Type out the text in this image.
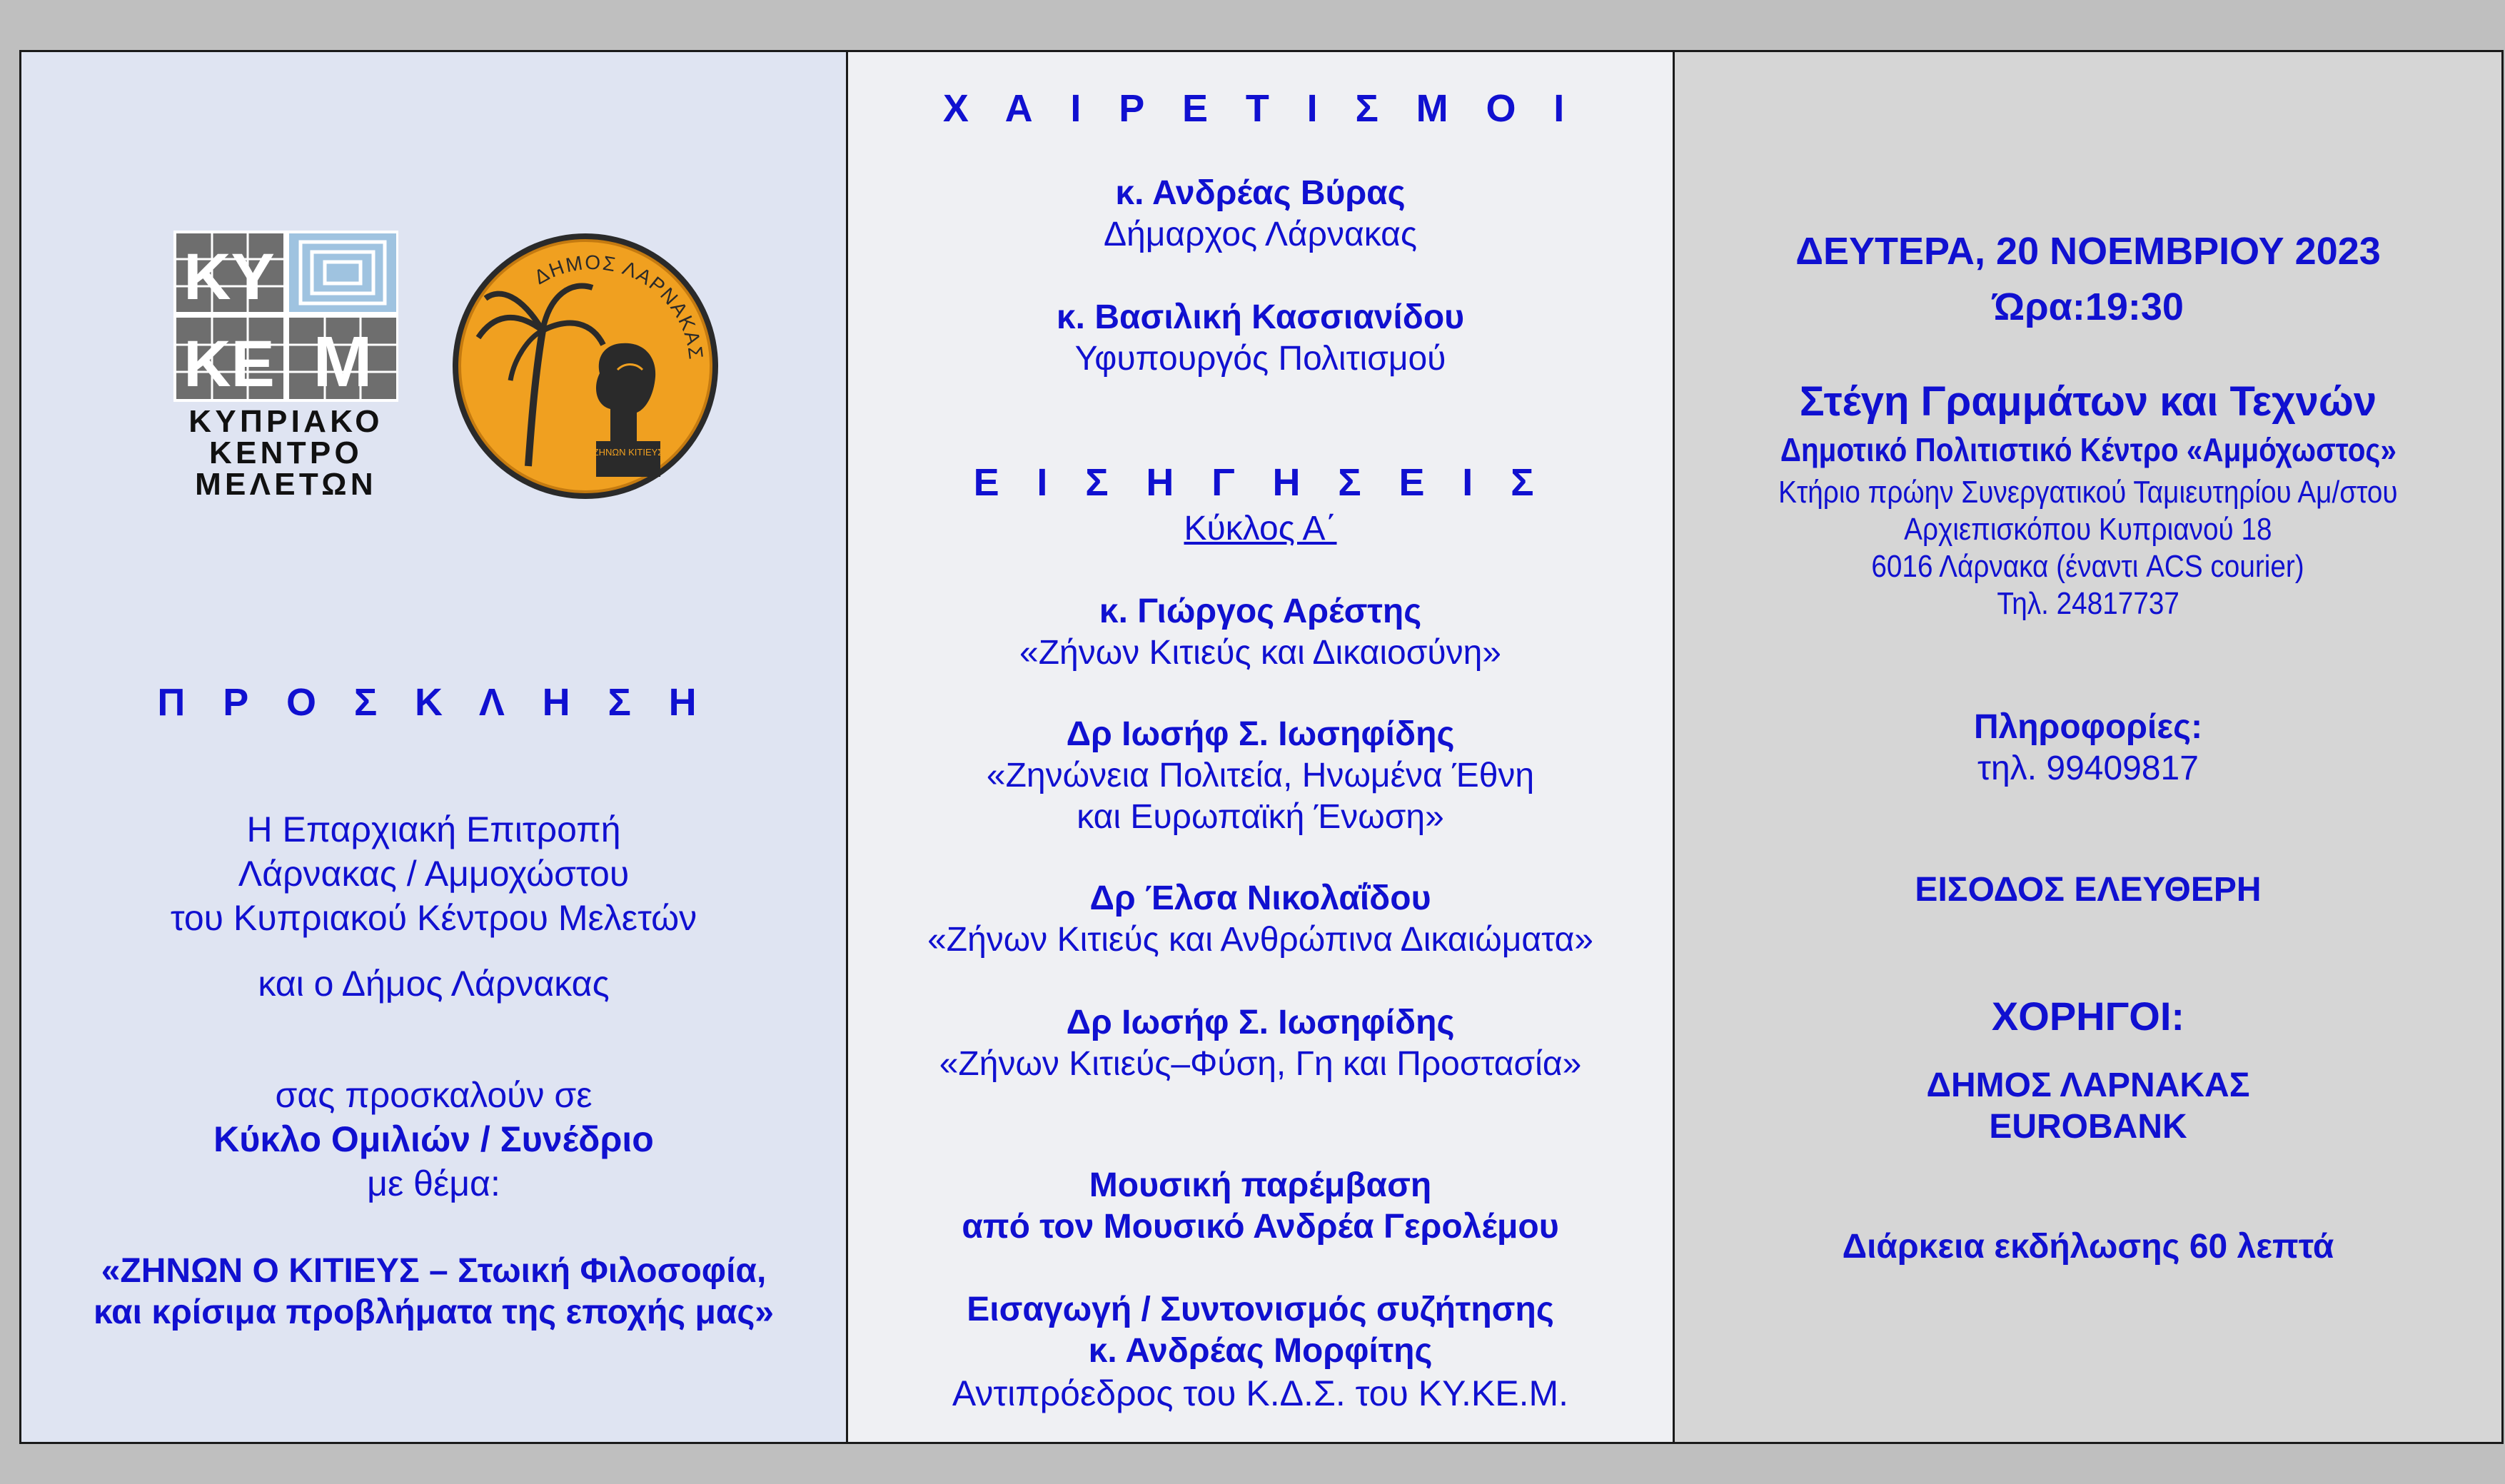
ΚΥ
ΚΕ Μ
ΚΥΠΡΙΑΚΟ
ΚΕΝΤΡΟ
ΜΕΛΕΤΩΝ
ΖΗΝΩΝ ΚΙΤΙΕΥΣ
ΔΗΜΟΣ ΛΑΡΝΑΚΑΣ
Π Ρ Ο Σ Κ Λ Η Σ Η
Η Επαρχιακή Επιτροπή
Λάρνακας / Αμμοχώστου
του Κυπριακού Κέντρου Μελετών
και ο Δήμος Λάρνακας
σας προσκαλούν σε
Κύκλο Ομιλιών / Συνέδριο
με θέμα:
«ΖΗΝΩΝ Ο ΚΙΤΙΕΥΣ – Στωική Φιλοσοφία,
και κρίσιμα προβλήματα της εποχής μας»
Χ Α Ι Ρ Ε Τ Ι Σ Μ Ο Ι
κ. Ανδρέας Βύρας
Δήμαρχος Λάρνακας
κ. Βασιλική Κασσιανίδου
Υφυπουργός Πολιτισμού
Ε Ι Σ Η Γ Η Σ Ε Ι Σ
Κύκλος Α΄
κ. Γιώργος Αρέστης
«Ζήνων Κιτιεύς και Δικαιοσύνη»
Δρ Ιωσήφ Σ. Ιωσηφίδης
«Ζηνώνεια Πολιτεία, Ηνωμένα Έθνη
και Ευρωπαϊκή Ένωση»
Δρ Έλσα Νικολαΐδου
«Ζήνων Κιτιεύς και Ανθρώπινα Δικαιώματα»
Δρ Ιωσήφ Σ. Ιωσηφίδης
«Ζήνων Κιτιεύς–Φύση, Γη και Προστασία»
Μουσική παρέμβαση
από τον Μουσικό Ανδρέα Γερολέμου
Εισαγωγή / Συντονισμός συζήτησης
κ. Ανδρέας Μορφίτης
Αντιπρόεδρος του Κ.Δ.Σ. του ΚΥ.ΚΕ.Μ.
ΔΕΥΤΕΡΑ, 20 ΝΟΕΜΒΡΙΟΥ 2023
Ώρα:19:30
Στέγη Γραμμάτων και Τεχνών
Δημοτικό Πολιτιστικό Κέντρο «Αμμόχωστος»
Κτήριο πρώην Συνεργατικού Ταμιευτηρίου Αμ/στου
Αρχιεπισκόπου Κυπριανού 18
6016 Λάρνακα (έναντι ACS courier)
Τηλ. 24817737
Πληροφορίες:
τηλ. 99409817
ΕΙΣΟΔΟΣ ΕΛΕΥΘΕΡΗ
ΧΟΡΗΓΟΙ:
ΔΗΜΟΣ ΛΑΡΝΑΚΑΣ
EUROBANK
Διάρκεια εκδήλωσης 60 λεπτά
